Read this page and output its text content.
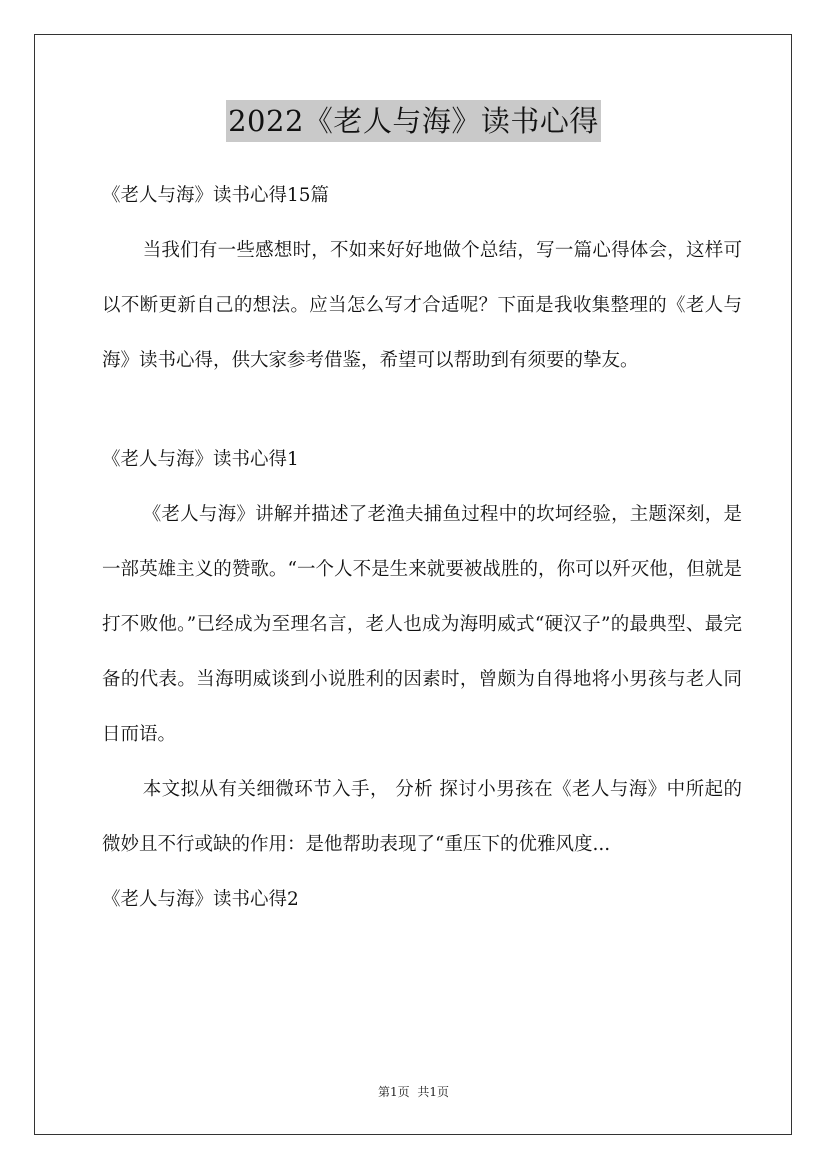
2022《老人与海》读书心得

《老人与海》读书心得15篇

当我们有一些感想时，不如来好好地做个总结，写一篇心得体会，这样可以不断更新自己的想法。应当怎么写才合适呢？下面是我收集整理的《老人与海》读书心得，供大家参考借鉴，希望可以帮助到有须要的挚友。

《老人与海》读书心得1

《老人与海》讲解并描述了老渔夫捕鱼过程中的坎坷经验，主题深刻，是一部英雄主义的赞歌。“一个人不是生来就要被战胜的，你可以歼灭他，但就是打不败他。”已经成为至理名言，老人也成为海明威式“硬汉子”的最典型、最完备的代表。当海明威谈到小说胜利的因素时，曾颇为自得地将小男孩与老人同日而语。

本文拟从有关细微环节入手， 分析 探讨小男孩在《老人与海》中所起的微妙且不行或缺的作用：是他帮助表现了“重压下的优雅风度...

《老人与海》读书心得2

第1页 共1页
